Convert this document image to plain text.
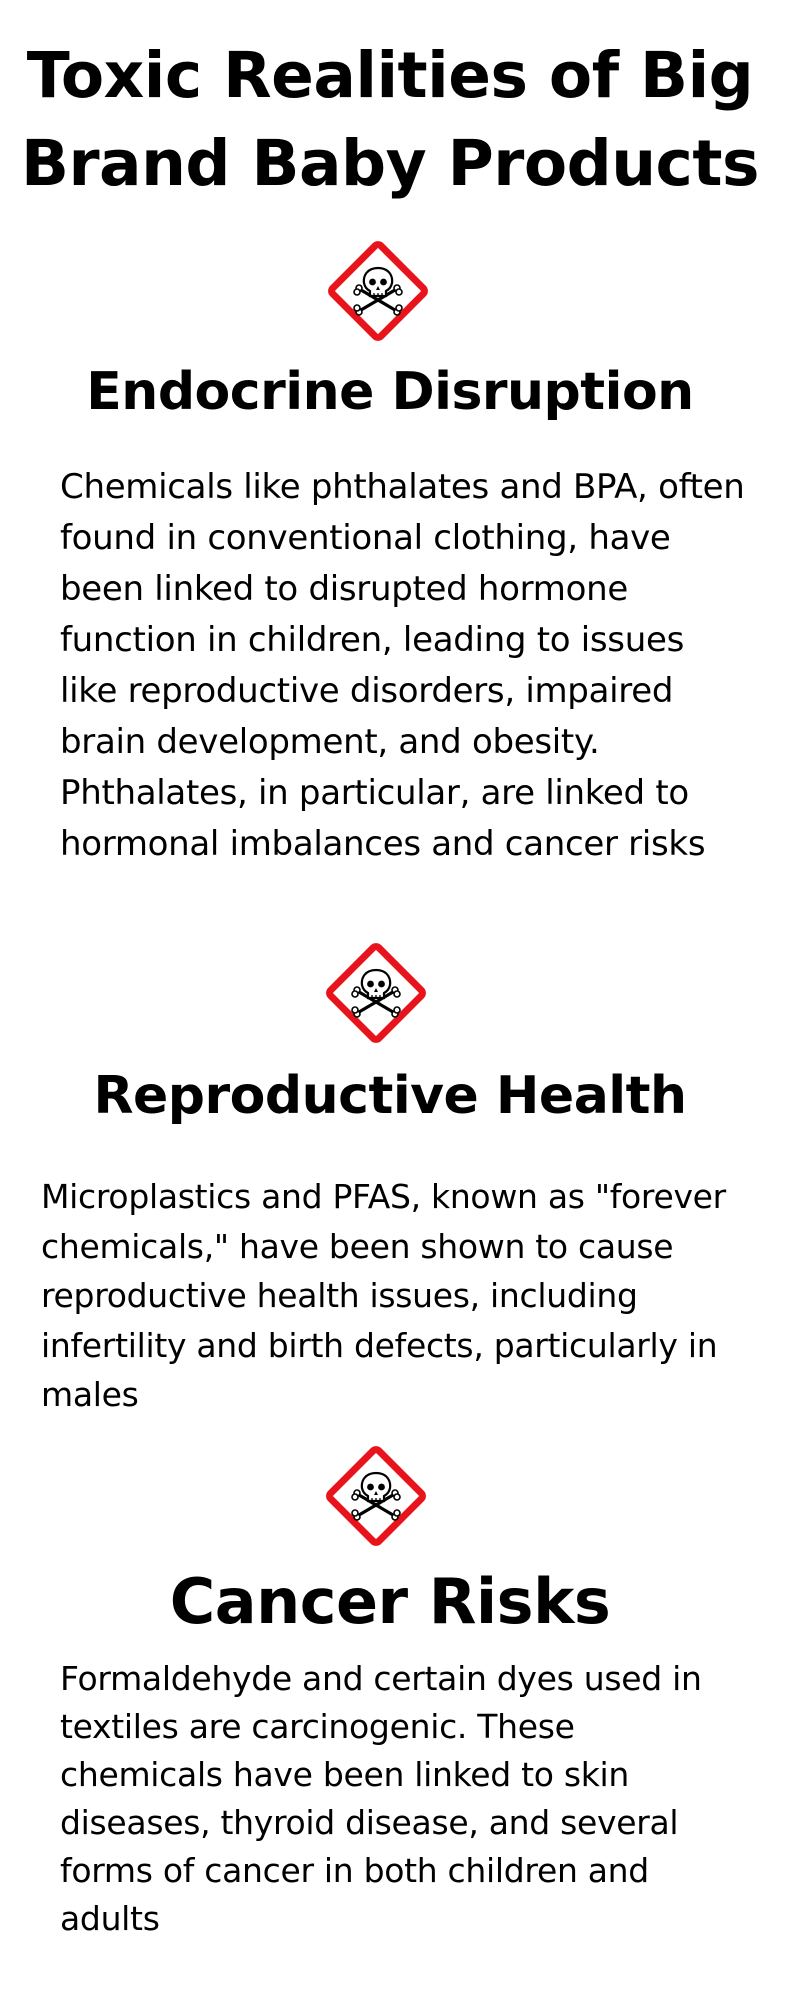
Toxic Realities of Big
Brand Baby Products
Endocrine Disruption

Chemicals like phthalates and BPA, often found in conventional clothing, have been linked to disrupted hormone function in children, leading to issues like reproductive disorders, impaired brain development, and obesity. Phthalates, in particular, are linked to hormonal imbalances and cancer risks

Reproductive Health

Microplastics and PFAS, known as "forever chemicals," have been shown to cause reproductive health issues, including infertility and birth defects, particularly in males

Cancer Risks

Formaldehyde and certain dyes used in textiles are carcinogenic. These chemicals have been linked to skin diseases, thyroid disease, and several forms of cancer in both children and adults
